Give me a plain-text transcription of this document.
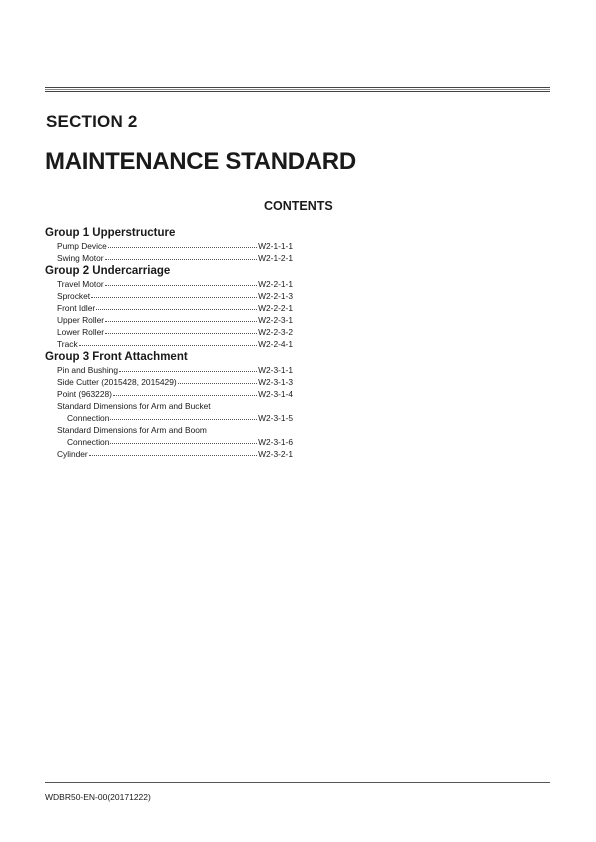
SECTION 2
MAINTENANCE STANDARD
CONTENTS
Group 1 Upperstructure
Pump Device	W2-1-1-1
Swing Motor	W2-1-2-1
Group 2 Undercarriage
Travel Motor	W2-2-1-1
Sprocket	W2-2-1-3
Front Idler	W2-2-2-1
Upper Roller	W2-2-3-1
Lower Roller	W2-2-3-2
Track	W2-2-4-1
Group 3 Front Attachment
Pin and Bushing	W2-3-1-1
Side Cutter (2015428, 2015429)	W2-3-1-3
Point (963228)	W2-3-1-4
Standard Dimensions for Arm and Bucket
Connection	W2-3-1-5
Standard Dimensions for Arm and Boom
Connection	W2-3-1-6
Cylinder	W2-3-2-1
WDBR50-EN-00(20171222)
